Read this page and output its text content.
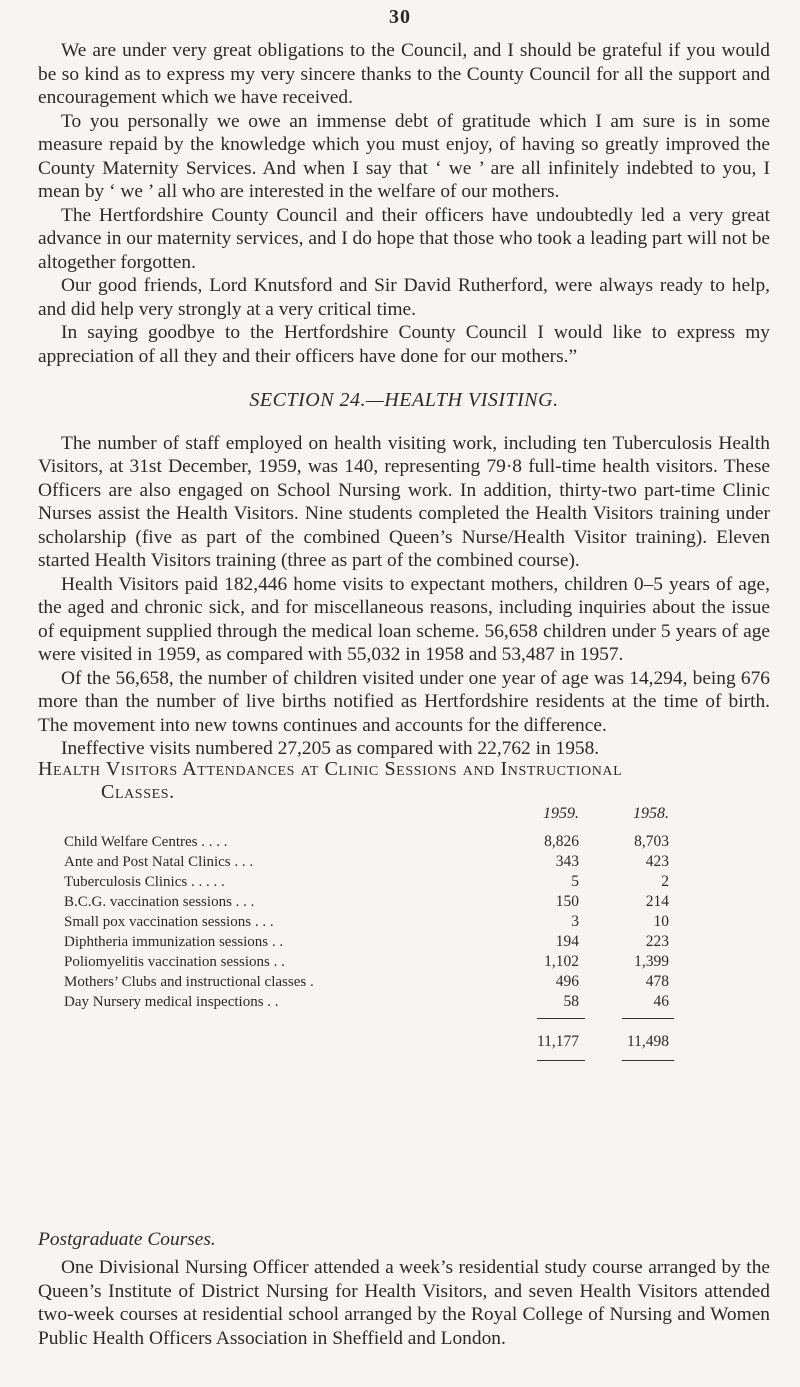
30

We are under very great obligations to the Council, and I should be grateful if you would be so kind as to express my very sincere thanks to the County Council for all the support and encouragement which we have received.

To you personally we owe an immense debt of gratitude which I am sure is in some measure repaid by the knowledge which you must enjoy, of having so greatly improved the County Maternity Services. And when I say that ‘ we ’ are all infinitely indebted to you, I mean by ‘ we ’ all who are interested in the welfare of our mothers.

The Hertfordshire County Council and their officers have undoubtedly led a very great advance in our maternity services, and I do hope that those who took a leading part will not be altogether forgotten.

Our good friends, Lord Knutsford and Sir David Rutherford, were always ready to help, and did help very strongly at a very critical time.

In saying goodbye to the Hertfordshire County Council I would like to express my appreciation of all they and their officers have done for our mothers.”

SECTION 24.—HEALTH VISITING.

The number of staff employed on health visiting work, including ten Tuberculosis Health Visitors, at 31st December, 1959, was 140, representing 79·8 full-time health visitors. These Officers are also engaged on School Nursing work. In addition, thirty-two part-time Clinic Nurses assist the Health Visitors. Nine students completed the Health Visitors training under scholarship (five as part of the combined Queen’s Nurse/Health Visitor training). Eleven started Health Visitors training (three as part of the combined course).

Health Visitors paid 182,446 home visits to expectant mothers, children 0–5 years of age, the aged and chronic sick, and for miscellaneous reasons, including inquiries about the issue of equipment supplied through the medical loan scheme. 56,658 children under 5 years of age were visited in 1959, as compared with 55,032 in 1958 and 53,487 in 1957.

Of the 56,658, the number of children visited under one year of age was 14,294, being 676 more than the number of live births notified as Hertfordshire residents at the time of birth. The movement into new towns continues and accounts for the difference.

Ineffective visits numbered 27,205 as compared with 22,762 in 1958.

Health Visitors Attendances at Clinic Sessions and Instructional
Classes.
1959.	1958.
Child Welfare Centres . . . .	8,826	8,703
Ante and Post Natal Clinics . . .	343	423
Tuberculosis Clinics . . . . .	5	2
B.C.G. vaccination sessions . . .	150	214
Small pox vaccination sessions . . .	3	10
Diphtheria immunization sessions . .	194	223
Poliomyelitis vaccination sessions . .	1,102	1,399
Mothers’ Clubs and instructional classes .	496	478
Day Nursery medical inspections . .	58	46
11,177	11,498
Postgraduate Courses.

One Divisional Nursing Officer attended a week’s residential study course arranged by the Queen’s Institute of District Nursing for Health Visitors, and seven Health Visitors attended two-week courses at residential school arranged by the Royal College of Nursing and Women Public Health Officers Association in Sheffield and London.
